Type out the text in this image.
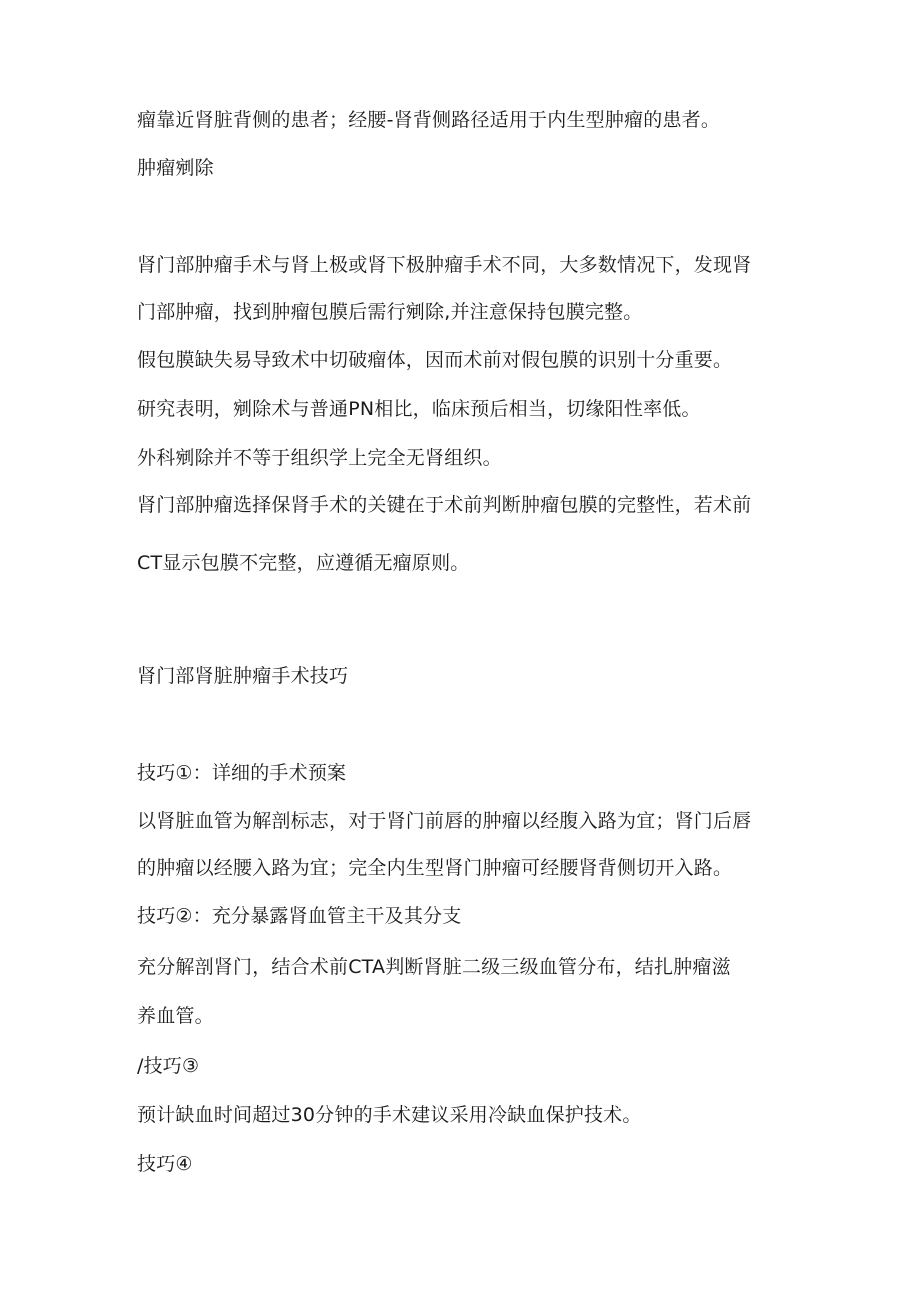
瘤靠近肾脏背侧的患者；经腰-肾背侧路径适用于内生型肿瘤的患者。
肿瘤剜除
肾门部肿瘤手术与肾上极或肾下极肿瘤手术不同，大多数情况下，发现肾
门部肿瘤，找到肿瘤包膜后需行剜除,并注意保持包膜完整。
假包膜缺失易导致术中切破瘤体，因而术前对假包膜的识别十分重要。
研究表明，剜除术与普通PN相比，临床预后相当，切缘阳性率低。
外科剜除并不等于组织学上完全无肾组织。
肾门部肿瘤选择保肾手术的关键在于术前判断肿瘤包膜的完整性，若术前
CT显示包膜不完整，应遵循无瘤原则。
肾门部肾脏肿瘤手术技巧
技巧①：详细的手术预案
以肾脏血管为解剖标志，对于肾门前唇的肿瘤以经腹入路为宜；肾门后唇
的肿瘤以经腰入路为宜；完全内生型肾门肿瘤可经腰肾背侧切开入路。
技巧②：充分暴露肾血管主干及其分支
充分解剖肾门，结合术前CTA判断肾脏二级三级血管分布，结扎肿瘤滋
养血管。
/技巧③
预计缺血时间超过30分钟的手术建议采用冷缺血保护技术。
技巧④
